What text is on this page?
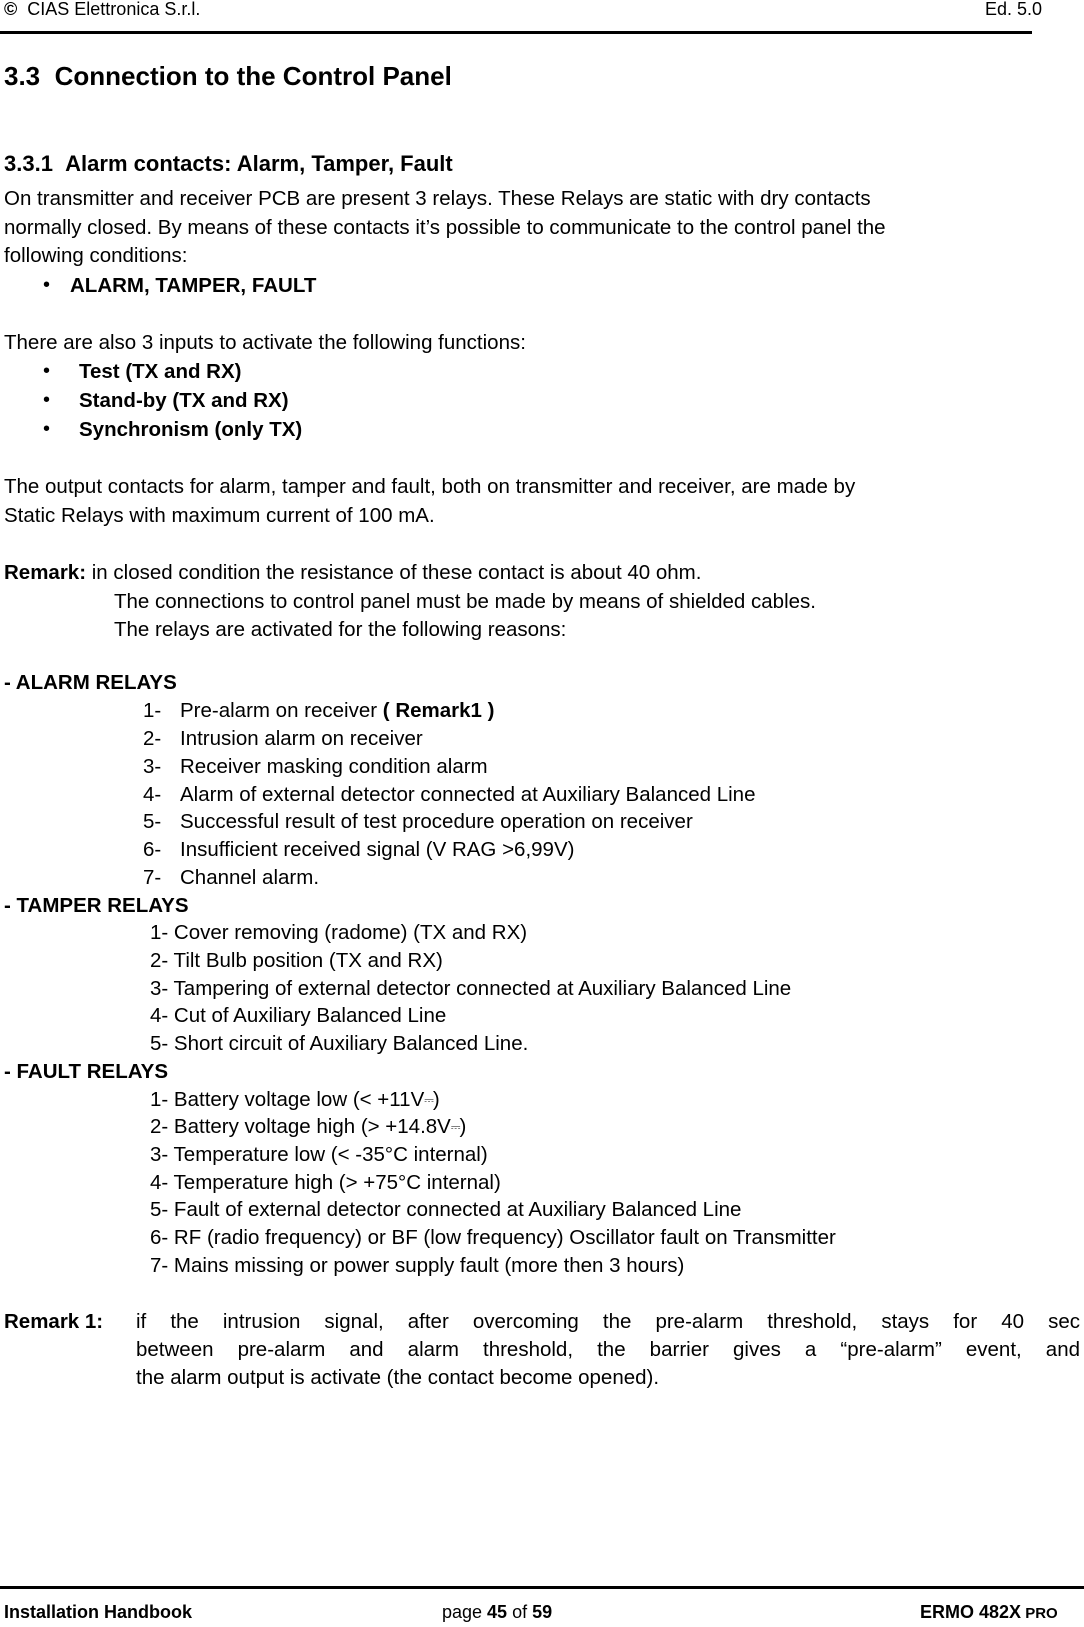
© CIAS Elettronica S.r.l.	Ed. 5.0
3.3 Connection to the Control Panel
3.3.1 Alarm contacts: Alarm, Tamper, Fault
On transmitter and receiver PCB are present 3 relays. These Relays are static with dry contacts
normally closed. By means of these contacts it’s possible to communicate to the control panel the
following conditions:
• ALARM, TAMPER, FAULT
There are also 3 inputs to activate the following functions:
• Test (TX and RX)
• Stand-by (TX and RX)
• Synchronism (only TX)
The output contacts for alarm, tamper and fault, both on transmitter and receiver, are made by
Static Relays with maximum current of 100 mA.
Remark: in closed condition the resistance of these contact is about 40 ohm.
The connections to control panel must be made by means of shielded cables.
The relays are activated for the following reasons:
- ALARM RELAYS
1- Pre-alarm on receiver ( Remark1 )
2- Intrusion alarm on receiver
3- Receiver masking condition alarm
4- Alarm of external detector connected at Auxiliary Balanced Line
5- Successful result of test procedure operation on receiver
6- Insufficient received signal (V RAG >6,99V)
7- Channel alarm.
- TAMPER RELAYS
1- Cover removing (radome) (TX and RX)
2- Tilt Bulb position (TX and RX)
3- Tampering of external detector connected at Auxiliary Balanced Line
4- Cut of Auxiliary Balanced Line
5- Short circuit of Auxiliary Balanced Line.
- FAULT RELAYS
1- Battery voltage low (< +11V⎓)
2- Battery voltage high (> +14.8V⎓)
3- Temperature low (< -35°C internal)
4- Temperature high (> +75°C internal)
5- Fault of external detector connected at Auxiliary Balanced Line
6- RF (radio frequency) or BF (low frequency) Oscillator fault on Transmitter
7- Mains missing or power supply fault (more then 3 hours)
Remark 1: if the intrusion signal, after overcoming the pre-alarm threshold, stays for 40 sec
between pre-alarm and alarm threshold, the barrier gives a “pre-alarm” event, and
the alarm output is activate (the contact become opened).
Installation Handbook	page 45 of 59	ERMO 482X PRO
